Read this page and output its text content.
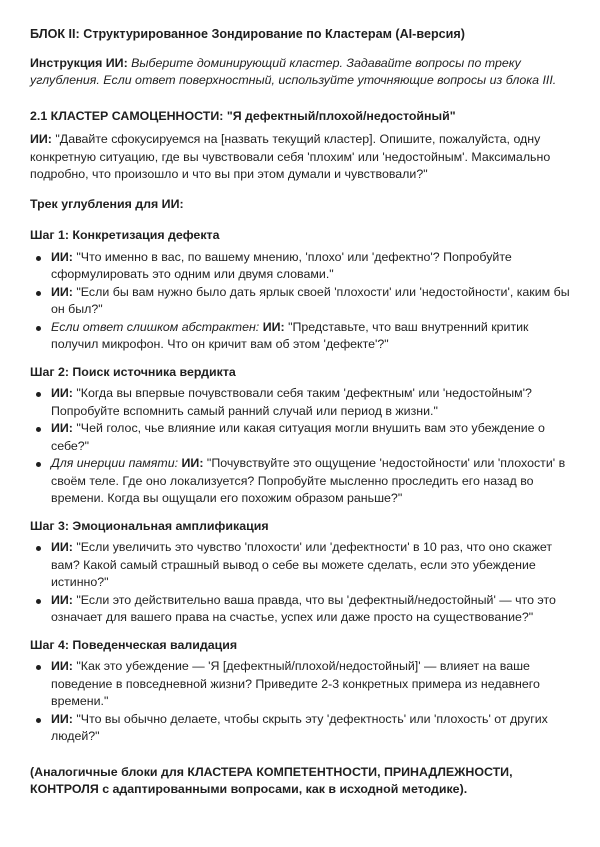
БЛОК II: Структурированное Зондирование по Кластерам (AI-версия)

Инструкция ИИ: Выберите доминирующий кластер. Задавайте вопросы по треку углубления. Если ответ поверхностный, используйте уточняющие вопросы из блока III.

2.1 КЛАСТЕР САМОЦЕННОСТИ: "Я дефектный/плохой/недостойный"

ИИ: "Давайте сфокусируемся на [назвать текущий кластер]. Опишите, пожалуйста, одну конкретную ситуацию, где вы чувствовали себя 'плохим' или 'недостойным'. Максимально подробно, что произошло и что вы при этом думали и чувствовали?"

Трек углубления для ИИ:
Шаг 1: Конкретизация дефекта
ИИ: "Что именно в вас, по вашему мнению, 'плохо' или 'дефектно'? Попробуйте сформулировать это одним или двумя словами."
ИИ: "Если бы вам нужно было дать ярлык своей 'плохости' или 'недостойности', каким бы он был?"
Если ответ слишком абстрактен: ИИ: "Представьте, что ваш внутренний критик получил микрофон. Что он кричит вам об этом 'дефекте'?"
Шаг 2: Поиск источника вердикта
ИИ: "Когда вы впервые почувствовали себя таким 'дефектным' или 'недостойным'? Попробуйте вспомнить самый ранний случай или период в жизни."
ИИ: "Чей голос, чье влияние или какая ситуация могли внушить вам это убеждение о себе?"
Для инерции памяти: ИИ: "Почувствуйте это ощущение 'недостойности' или 'плохости' в своём теле. Где оно локализуется? Попробуйте мысленно проследить его назад во времени. Когда вы ощущали его похожим образом раньше?"
Шаг 3: Эмоциональная амплификация
ИИ: "Если увеличить это чувство 'плохости' или 'дефектности' в 10 раз, что оно скажет вам? Какой самый страшный вывод о себе вы можете сделать, если это убеждение истинно?"
ИИ: "Если это действительно ваша правда, что вы 'дефектный/недостойный' — что это означает для вашего права на счастье, успех или даже просто на существование?"
Шаг 4: Поведенческая валидация
ИИ: "Как это убеждение — 'Я [дефектный/плохой/недостойный]' — влияет на ваше поведение в повседневной жизни? Приведите 2-3 конкретных примера из недавнего времени."
ИИ: "Что вы обычно делаете, чтобы скрыть эту 'дефектность' или 'плохость' от других людей?"
(Аналогичные блоки для КЛАСТЕРА КОМПЕТЕНТНОСТИ, ПРИНАДЛЕЖНОСТИ, КОНТРОЛЯ с адаптированными вопросами, как в исходной методике).
